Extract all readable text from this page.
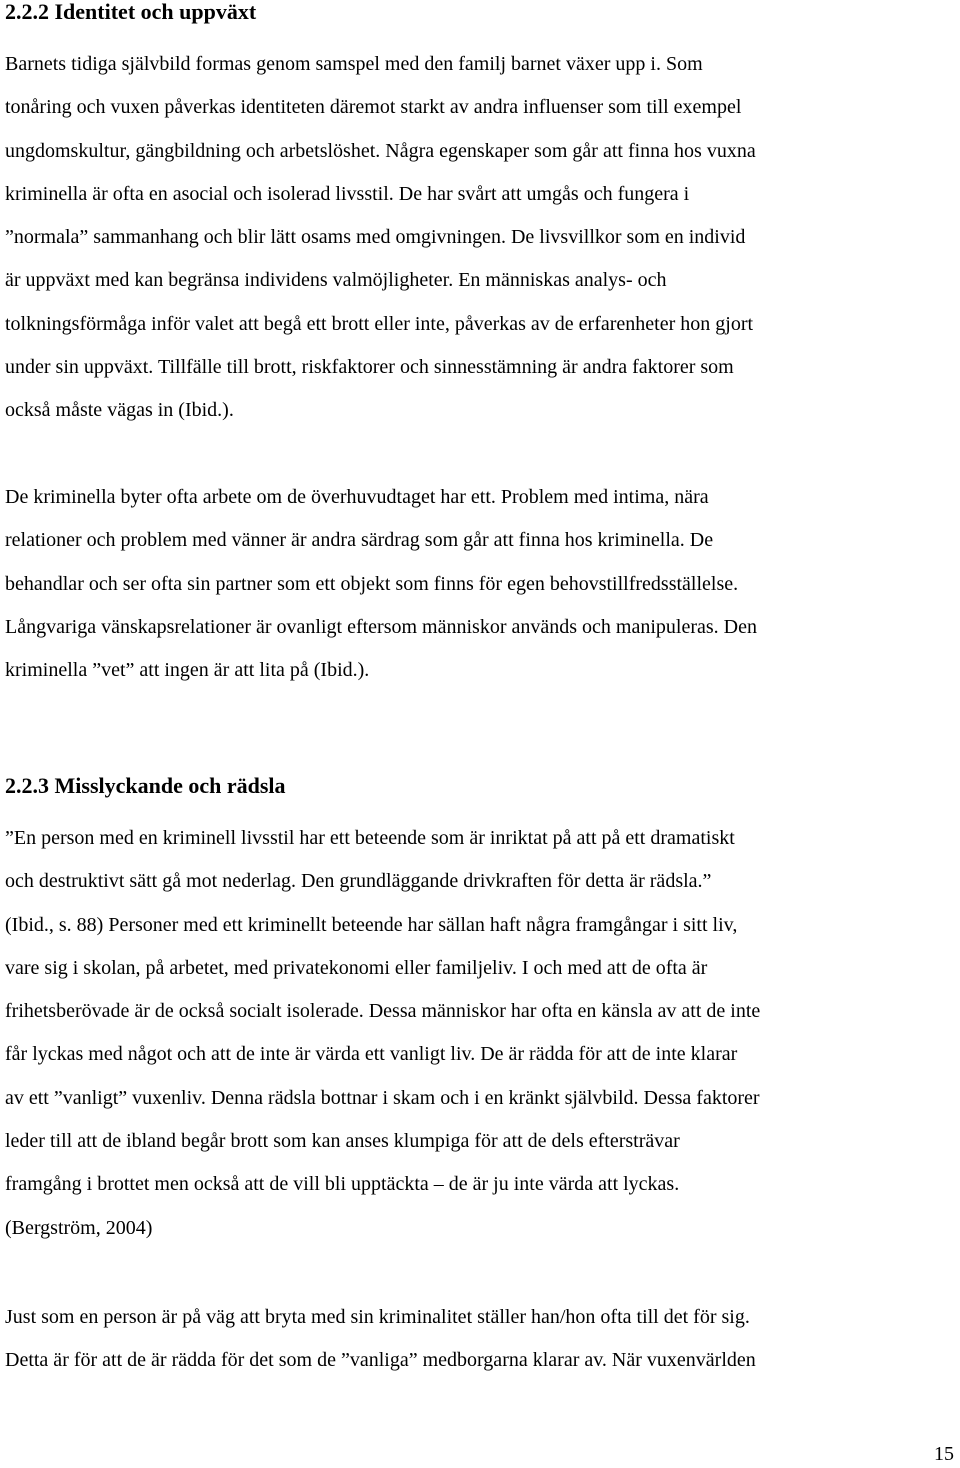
2.2.2 Identitet och uppväxt

Barnets tidiga självbild formas genom samspel med den familj barnet växer upp i. Som
tonåring och vuxen påverkas identiteten däremot starkt av andra influenser som till exempel
ungdomskultur, gängbildning och arbetslöshet. Några egenskaper som går att finna hos vuxna
kriminella är ofta en asocial och isolerad livsstil. De har svårt att umgås och fungera i
”normala” sammanhang och blir lätt osams med omgivningen. De livsvillkor som en individ
är uppväxt med kan begränsa individens valmöjligheter. En människas analys- och
tolkningsförmåga inför valet att begå ett brott eller inte, påverkas av de erfarenheter hon gjort
under sin uppväxt. Tillfälle till brott, riskfaktorer och sinnesstämning är andra faktorer som
också måste vägas in (Ibid.).

De kriminella byter ofta arbete om de överhuvudtaget har ett. Problem med intima, nära
relationer och problem med vänner är andra särdrag som går att finna hos kriminella. De
behandlar och ser ofta sin partner som ett objekt som finns för egen behovstillfredsställelse.
Långvariga vänskapsrelationer är ovanligt eftersom människor används och manipuleras. Den
kriminella ”vet” att ingen är att lita på (Ibid.).

2.2.3 Misslyckande och rädsla

”En person med en kriminell livsstil har ett beteende som är inriktat på att på ett dramatiskt
och destruktivt sätt gå mot nederlag. Den grundläggande drivkraften för detta är rädsla.”
(Ibid., s. 88) Personer med ett kriminellt beteende har sällan haft några framgångar i sitt liv,
vare sig i skolan, på arbetet, med privatekonomi eller familjeliv. I och med att de ofta är
frihetsberövade är de också socialt isolerade. Dessa människor har ofta en känsla av att de inte
får lyckas med något och att de inte är värda ett vanligt liv. De är rädda för att de inte klarar
av ett ”vanligt” vuxenliv. Denna rädsla bottnar i skam och i en kränkt självbild. Dessa faktorer
leder till att de ibland begår brott som kan anses klumpiga för att de dels eftersträvar
framgång i brottet men också att de vill bli upptäckta – de är ju inte värda att lyckas.
(Bergström, 2004)

Just som en person är på väg att bryta med sin kriminalitet ställer han/hon ofta till det för sig.
Detta är för att de är rädda för det som de ”vanliga” medborgarna klarar av. När vuxenvärlden

15
